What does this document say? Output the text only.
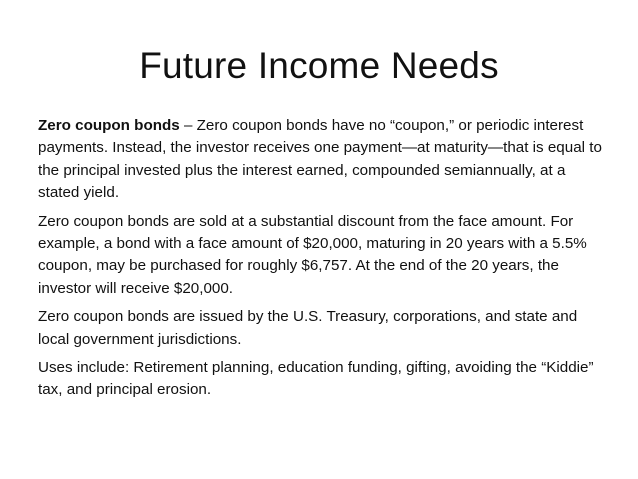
Future Income Needs

Zero coupon bonds – Zero coupon bonds have no “coupon,” or periodic interest payments. Instead, the investor receives one payment—at maturity—that is equal to the principal invested plus the interest earned, compounded semiannually, at a stated yield.

Zero coupon bonds are sold at a substantial discount from the face amount. For example, a bond with a face amount of $20,000, maturing in 20 years with a 5.5% coupon, may be purchased for roughly $6,757. At the end of the 20 years, the investor will receive $20,000.

Zero coupon bonds are issued by the U.S. Treasury, corporations, and state and local government jurisdictions.

Uses include: Retirement planning, education funding, gifting, avoiding the “Kiddie” tax, and principal erosion.
